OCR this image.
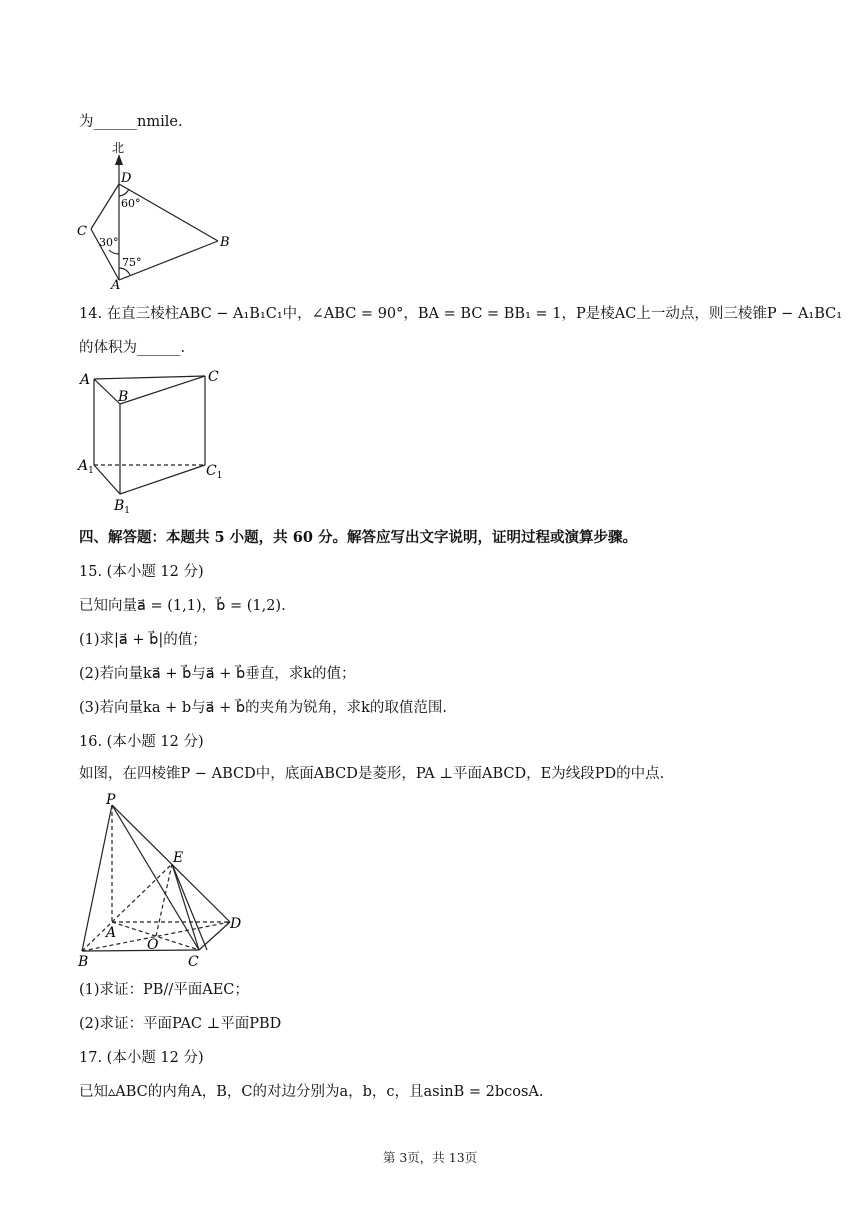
为______nmile.
北
D
C
B
A
60°
30°
75°
14. 在直三棱柱ABC − A₁B₁C₁中，∠ABC = 90°，BA = BC = BB₁ = 1，P是棱AC上一动点，则三棱锥P − A₁BC₁
的体积为______.
A
B
C
$A_1$	$C_1$
$B_1$
四、解答题：本题共 5 小题，共 60 分。解答应写出文字说明，证明过程或演算步骤。
15. (本小题 12 分)
已知向量a⃗ = (1,1)，b⃗ = (1,2).
(1)求|a⃗ + b⃗|的值；
(2)若向量ka⃗ + b⃗与a⃗ + b⃗垂直，求k的值；
(3)若向量ka + b与a⃗ + b⃗的夹角为锐角，求k的取值范围.
16. (本小题 12 分)
如图，在四棱锥P − ABCD中，底面ABCD是菱形，PA ⊥平面ABCD，E为线段PD的中点.
P
E
A
D
O
B	C
(1)求证：PB//平面AEC；
(2)求证：平面PAC ⊥平面PBD
17. (本小题 12 分)
已知▵ABC的内角A，B，C的对边分别为a，b，c，且asinB = 2bcosA.
第 3页，共 13页
